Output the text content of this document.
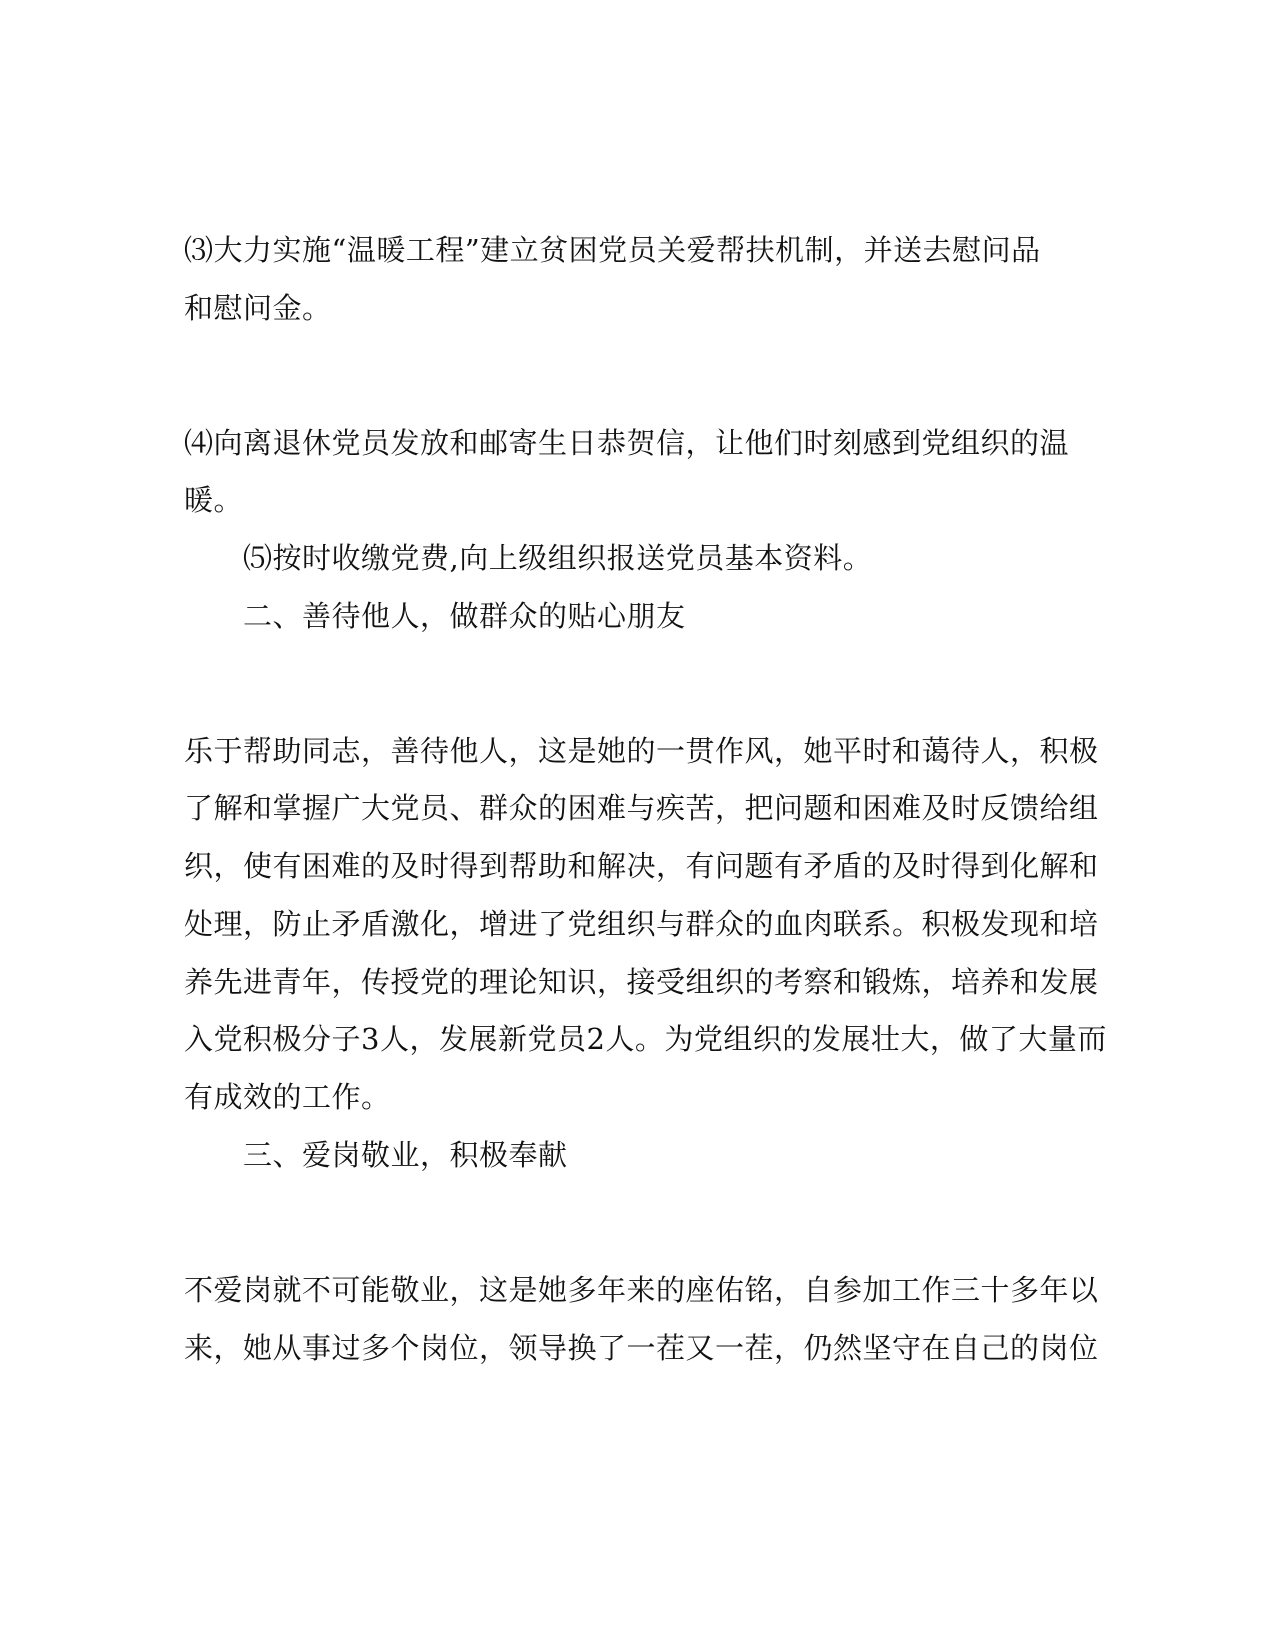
⑶大力实施“温暖工程”建立贫困党员关爱帮扶机制，并送去慰问品
和慰问金。
⑷向离退休党员发放和邮寄生日恭贺信，让他们时刻感到党组织的温
暖。
⑸按时收缴党费,向上级组织报送党员基本资料。
二、善待他人，做群众的贴心朋友
乐于帮助同志，善待他人，这是她的一贯作风，她平时和蔼待人，积极
了解和掌握广大党员、群众的困难与疾苦，把问题和困难及时反馈给组
织，使有困难的及时得到帮助和解决，有问题有矛盾的及时得到化解和
处理，防止矛盾激化，增进了党组织与群众的血肉联系。积极发现和培
养先进青年，传授党的理论知识，接受组织的考察和锻炼，培养和发展
入党积极分子3人，发展新党员2人。为党组织的发展壮大，做了大量而
有成效的工作。
三、爱岗敬业，积极奉献
不爱岗就不可能敬业，这是她多年来的座佑铭，自参加工作三十多年以
来，她从事过多个岗位，领导换了一茬又一茬，仍然坚守在自己的岗位
